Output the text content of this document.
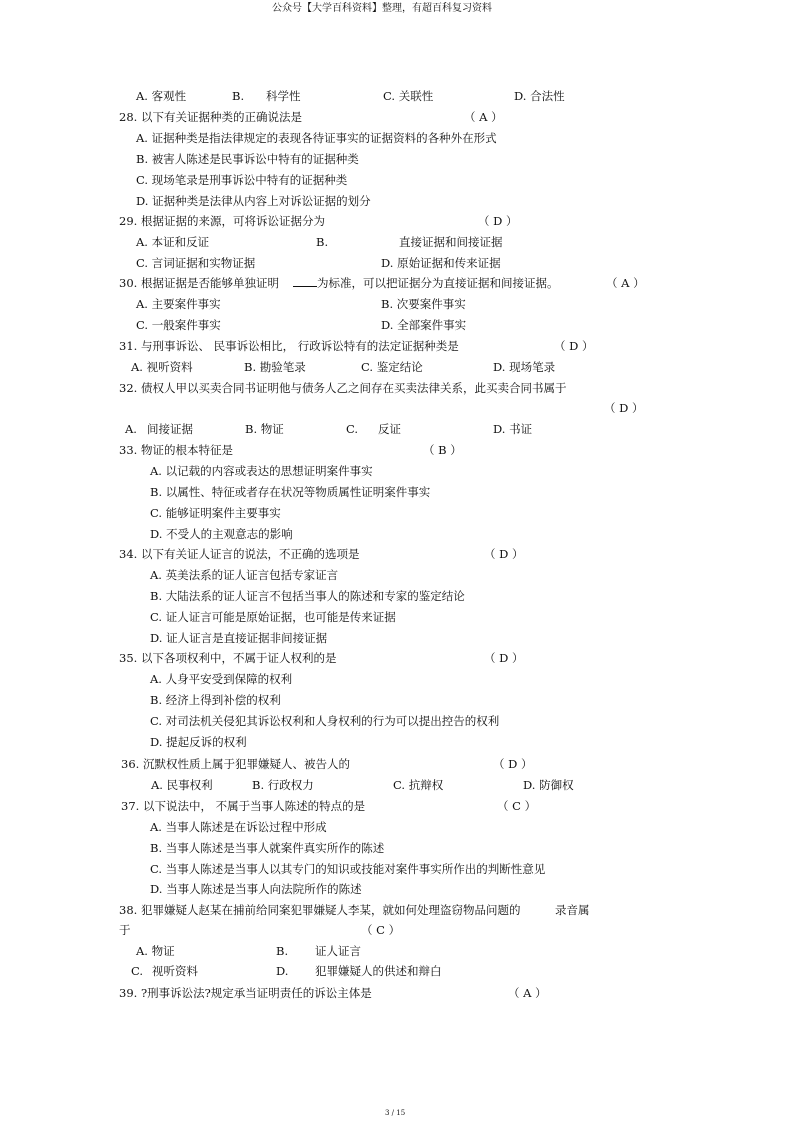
公众号【大学百科资料】整理，有超百科复习资料
A. 客观性	B. 科学性	C. 关联性	D. 合法性
28. 以下有关证据种类的正确说法是	（ A ）
A. 证据种类是指法律规定的表现各待证事实的证据资料的各种外在形式
B. 被害人陈述是民事诉讼中特有的证据种类
C. 现场笔录是刑事诉讼中特有的证据种类
D. 证据种类是法律从内容上对诉讼证据的划分
29. 根据证据的来源，可将诉讼证据分为	（ D ）
A. 本证和反证	B.	直接证据和间接证据
C. 言词证据和实物证据	D. 原始证据和传来证据
30. 根据证据是否能够单独证明	为标准，可以把证据分为直接证据和间接证据。	（ A ）
A. 主要案件事实	B. 次要案件事实
C. 一般案件事实	D. 全部案件事实
31. 与刑事诉讼、 民事诉讼相比， 行政诉讼特有的法定证据种类是	（ D ）
A. 视听资料	B. 勘验笔录	C. 鉴定结论	D. 现场笔录
32. 债权人甲以买卖合同书证明他与债务人乙之间存在买卖法律关系，此买卖合同书属于
（ D ）
A. 间接证据	B. 物证	C. 反证	D. 书证
33. 物证的根本特征是	（ B ）
A. 以记载的内容或表达的思想证明案件事实
B. 以属性、特征或者存在状况等物质属性证明案件事实
C. 能够证明案件主要事实
D. 不受人的主观意志的影响
34. 以下有关证人证言的说法，不正确的选项是	（ D ）
A. 英美法系的证人证言包括专家证言
B. 大陆法系的证人证言不包括当事人的陈述和专家的鉴定结论
C. 证人证言可能是原始证据，也可能是传来证据
D. 证人证言是直接证据非间接证据
35. 以下各项权利中，不属于证人权利的是	（ D ）
A. 人身平安受到保障的权利
B. 经济上得到补偿的权利
C. 对司法机关侵犯其诉讼权利和人身权利的行为可以提出控告的权利
D. 提起反诉的权利
36. 沉默权性质上属于犯罪嫌疑人、被告人的	（ D ）
A. 民事权利	B. 行政权力	C. 抗辩权	D. 防御权
37. 以下说法中， 不属于当事人陈述的特点的是	（ C ）
A. 当事人陈述是在诉讼过程中形成
B. 当事人陈述是当事人就案件真实所作的陈述
C. 当事人陈述是当事人以其专门的知识或技能对案件事实所作出的判断性意见
D. 当事人陈述是当事人向法院所作的陈述
38. 犯罪嫌疑人赵某在捕前给同案犯罪嫌疑人李某，就如何处理盗窃物品问题的	录音属
于	（ C ）
A. 物证	B. 证人证言
C. 视听资料	D. 犯罪嫌疑人的供述和辩白
39. ?刑事诉讼法?规定承当证明责任的诉讼主体是	（ A ）
3 / 15
